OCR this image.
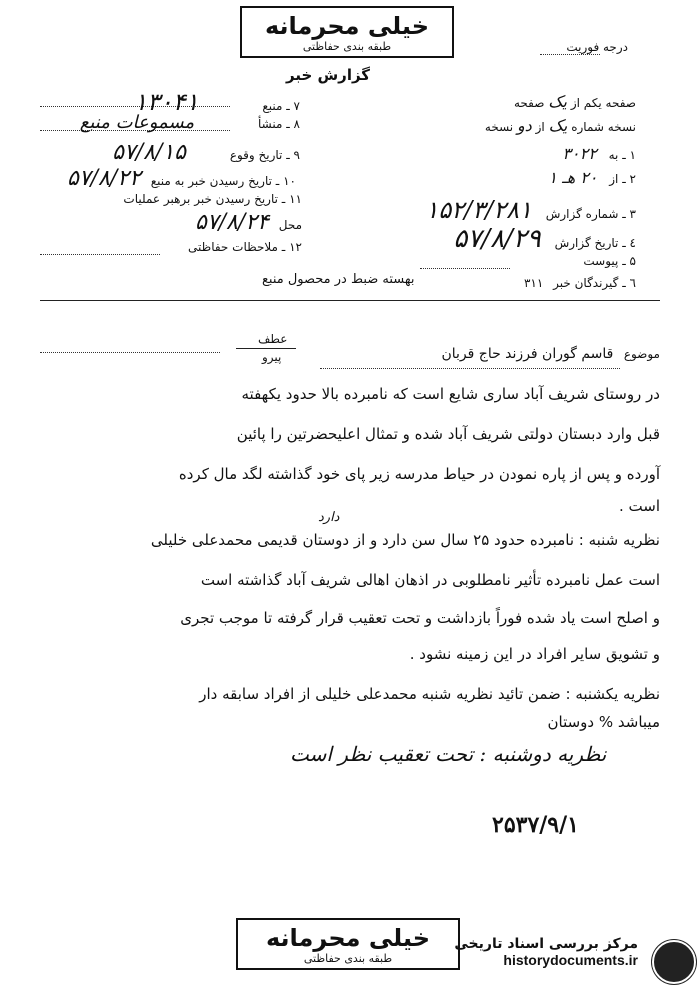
خیلی محرمانه
طبقه بندی حفاظتی	درجه فوریت
گزارش خبر
صفحه یکم از یک صفحه
نسخه شماره یک از دو نسخه
۱ ـ به ۳۰۲۲
۲ ـ از ۲۰ هـ ۱
۳ ـ شماره گزارش ۱۵۲/۳/۲۸۱
٤ ـ تاریخ گزارش ۵۷/۸/۲۹
۵ ـ پیوست
٦ ـ گیرندگان خبر ۳۱۱
۷ ـ منبع ۱۳۰۴۱
۸ ـ منشأ مسموعات منبع
۹ ـ تاریخ وقوع ۵۷/۸/۱۵
۱۰ ـ تاریخ رسیدن خبر به منبع ۵۷/۸/۲۲
۱۱ ـ تاریخ رسیدن خبر برهبر عملیات
محل ۵۷/۸/۲۴
۱۲ ـ ملاحظات حفاظتی
بهسته ضبط در محصول منبع
عطف
پیرو	موضوع قاسم گوران فرزند حاج قربان
در روستای شریف آباد ساری شایع است که نامبرده بالا حدود یکهفته
قبل وارد دبستان دولتی شریف آباد شده و تمثال اعلیحضرتین را پائین
آورده و پس از پاره نمودن در حیاط مدرسه زیر پای خود گذاشته لگد مال کرده
است .
دارد
نظریه شنبه : نامبرده حدود ۲۵ سال سن دارد و از دوستان قدیمی محمدعلی خلیلی
است عمل نامبرده تأثیر نامطلوبی در اذهان اهالی شریف آباد گذاشته است
و اصلح است یاد شده فوراً بازداشت و تحت تعقیب قرار گرفته تا موجب تجری
و تشویق سایر افراد در این زمینه نشود .
نظریه یکشنبه : ضمن تائید نظریه شنبه محمدعلی خلیلی از افراد سابقه دار
میباشد % دوستان
نظریه دوشنبه : تحت تعقیب نظر است
۲۵۳۷/۹/۱
خیلی محرمانه
طبقه بندی حفاظتی
مرکز بررسی اسناد تاریخی
historydocuments.ir
